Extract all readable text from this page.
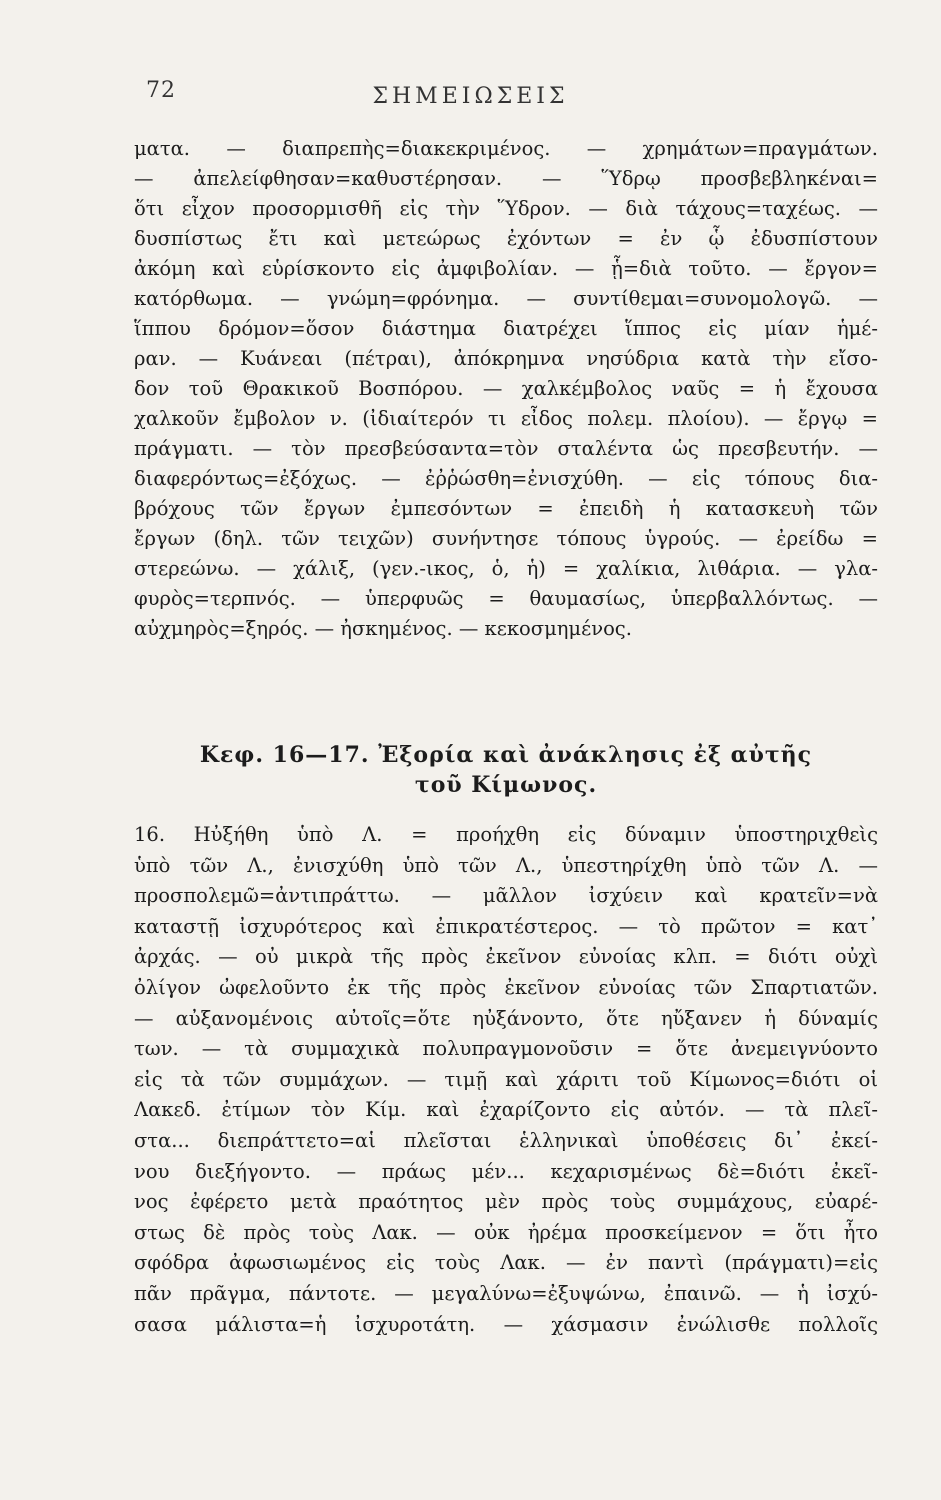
72	ΣΗΜΕΙΩΣΕΙΣ
ματα. — διαπρεπὴς=διακεκριμένος. — χρημάτων=πραγμάτων.
— ἀπελείφθησαν=καθυστέρησαν. — Ὕδρῳ προσβεβληκέναι=
ὅτι εἶχον προσορμισθῆ εἰς τὴν Ὕδρον. — διὰ τάχους=ταχέως. —
δυσπίστως ἔτι καὶ μετεώρως ἐχόντων = ἐν ᾧ ἐδυσπίστουν
ἀκόμη καὶ εὑρίσκοντο εἰς ἀμφιβολίαν. — ᾗ=διὰ τοῦτο. — ἔργον=
κατόρθωμα. — γνώμη=φρόνημα. — συντίθεμαι=συνομολογῶ. —
ἵππου δρόμον=ὅσον διάστημα διατρέχει ἵππος εἰς μίαν ἡμέ-
ραν. — Κυάνεαι (πέτραι), ἀπόκρημνα νησύδρια κατὰ τὴν εἴσο-
δον τοῦ Θρακικοῦ Βοσπόρου. — χαλκέμβολος ναῦς = ἡ ἔχουσα
χαλκοῦν ἔμβολον ν. (ἰδιαίτερόν τι εἶδος πολεμ. πλοίου). — ἔργῳ =
πράγματι. — τὸν πρεσβεύσαντα=τὸν σταλέντα ὡς πρεσβευτήν. —
διαφερόντως=ἐξόχως. — ἐῤῥώσθη=ἐνισχύθη. — εἰς τόπους δια-
βρόχους τῶν ἔργων ἐμπεσόντων = ἐπειδὴ ἡ κατασκευὴ τῶν
ἔργων (δηλ. τῶν τειχῶν) συνήντησε τόπους ὑγρούς. — ἐρείδω =
στερεώνω. — χάλιξ, (γεν.-ικος, ὁ, ἡ) = χαλίκια, λιθάρια. — γλα-
φυρὸς=τερπνός. — ὑπερφυῶς = θαυμασίως, ὑπερβαλλόντως. —
αὐχμηρὸς=ξηρός. — ἠσκημένος. — κεκοσμημένος.
Κεφ. 16—17. Ἐξορία καὶ ἀνάκλησις ἐξ αὐτῆς
τοῦ Κίμωνος.
16. Ηὐξήθη ὑπὸ Λ. = προήχθη εἰς δύναμιν ὑποστηριχθεὶς
ὑπὸ τῶν Λ., ἐνισχύθη ὑπὸ τῶν Λ., ὑπεστηρίχθη ὑπὸ τῶν Λ. —
προσπολεμῶ=ἀντιπράττω. — μᾶλλον ἰσχύειν καὶ κρατεῖν=νὰ
καταστῇ ἰσχυρότερος καὶ ἐπικρατέστερος. — τὸ πρῶτον = κατ᾽
ἀρχάς. — οὐ μικρὰ τῆς πρὸς ἐκεῖνον εὐνοίας κλπ. = διότι οὐχὶ
ὀλίγον ὠφελοῦντο ἐκ τῆς πρὸς ἐκεῖνον εὐνοίας τῶν Σπαρτιατῶν.
— αὐξανομένοις αὐτοῖς=ὅτε ηὐξάνοντο, ὅτε ηὔξανεν ἡ δύναμίς
των. — τὰ συμμαχικὰ πολυπραγμονοῦσιν = ὅτε ἀνεμειγνύοντο
εἰς τὰ τῶν συμμάχων. — τιμῇ καὶ χάριτι τοῦ Κίμωνος=διότι οἱ
Λακεδ. ἐτίμων τὸν Κίμ. καὶ ἐχαρίζοντο εἰς αὐτόν. — τὰ πλεῖ-
στα... διεπράττετο=αἱ πλεῖσται ἑλληνικαὶ ὑποθέσεις δι᾽ ἐκεί-
νου διεξήγοντο. — πράως μέν... κεχαρισμένως δὲ=διότι ἐκεῖ-
νος ἐφέρετο μετὰ πραότητος μὲν πρὸς τοὺς συμμάχους, εὐαρέ-
στως δὲ πρὸς τοὺς Λακ. — οὐκ ἠρέμα προσκείμενον = ὅτι ἦτο
σφόδρα ἀφωσιωμένος εἰς τοὺς Λακ. — ἐν παντὶ (πράγματι)=εἰς
πᾶν πρᾶγμα, πάντοτε. — μεγαλύνω=ἐξυψώνω, ἐπαινῶ. — ἡ ἰσχύ-
σασα μάλιστα=ἡ ἰσχυροτάτη. — χάσμασιν ἐνώλισθε πολλοῖς
